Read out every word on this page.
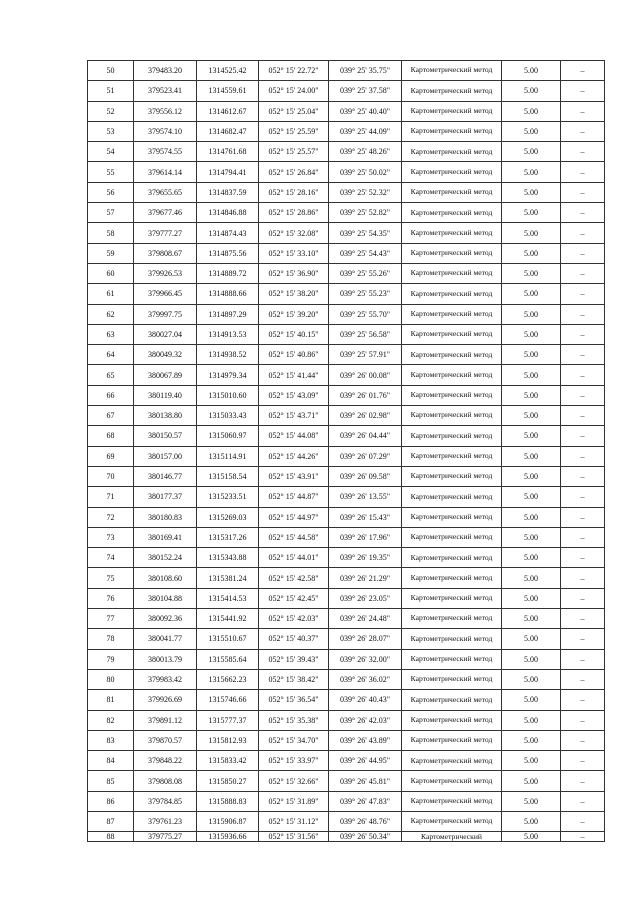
50	379483.20	1314525.42	052° 15' 22.72"	039° 25' 35.75"	Картометрический метод	5.00	–
51	379523.41	1314559.61	052° 15' 24.00"	039° 25' 37.58"	Картометрический метод	5.00	–
52	379556.12	1314612.67	052° 15' 25.04"	039° 25' 40.40"	Картометрический метод	5.00	–
53	379574.10	1314682.47	052° 15' 25.59"	039° 25' 44.09"	Картометрический метод	5.00	–
54	379574.55	1314761.68	052° 15' 25.57"	039° 25' 48.26"	Картометрический метод	5.00	–
55	379614.14	1314794.41	052° 15' 26.84"	039° 25' 50.02"	Картометрический метод	5.00	–
56	379655.65	1314837.59	052° 15' 28.16"	039° 25' 52.32"	Картометрический метод	5.00	–
57	379677.46	1314846.88	052° 15' 28.86"	039° 25' 52.82"	Картометрический метод	5.00	–
58	379777.27	1314874.43	052° 15' 32.08"	039° 25' 54.35"	Картометрический метод	5.00	–
59	379808.67	1314875.56	052° 15' 33.10"	039° 25' 54.43"	Картометрический метод	5.00	–
60	379926.53	1314889.72	052° 15' 36.90"	039° 25' 55.26"	Картометрический метод	5.00	–
61	379966.45	1314888.66	052° 15' 38.20"	039° 25' 55.23"	Картометрический метод	5.00	–
62	379997.75	1314897.29	052° 15' 39.20"	039° 25' 55.70"	Картометрический метод	5.00	–
63	380027.04	1314913.53	052° 15' 40.15"	039° 25' 56.58"	Картометрический метод	5.00	–
64	380049.32	1314938.52	052° 15' 40.86"	039° 25' 57.91"	Картометрический метод	5.00	–
65	380067.89	1314979.34	052° 15' 41.44"	039° 26' 00.08"	Картометрический метод	5.00	–
66	380119.40	1315010.60	052° 15' 43.09"	039° 26' 01.76"	Картометрический метод	5.00	–
67	380138.80	1315033.43	052° 15' 43.71"	039° 26' 02.98"	Картометрический метод	5.00	–
68	380150.57	1315060.97	052° 15' 44.08"	039° 26' 04.44"	Картометрический метод	5.00	–
69	380157.00	1315114.91	052° 15' 44.26"	039° 26' 07.29"	Картометрический метод	5.00	–
70	380146.77	1315158.54	052° 15' 43.91"	039° 26' 09.58"	Картометрический метод	5.00	–
71	380177.37	1315233.51	052° 15' 44.87"	039° 26' 13.55"	Картометрический метод	5.00	–
72	380180.83	1315269.03	052° 15' 44.97"	039° 26' 15.43"	Картометрический метод	5.00	–
73	380169.41	1315317.26	052° 15' 44.58"	039° 26' 17.96"	Картометрический метод	5.00	–
74	380152.24	1315343.88	052° 15' 44.01"	039° 26' 19.35"	Картометрический метод	5.00	–
75	380108.60	1315381.24	052° 15' 42.58"	039° 26' 21.29"	Картометрический метод	5.00	–
76	380104.88	1315414.53	052° 15' 42.45"	039° 26' 23.05"	Картометрический метод	5.00	–
77	380092.36	1315441.92	052° 15' 42.03"	039° 26' 24.48"	Картометрический метод	5.00	–
78	380041.77	1315510.67	052° 15' 40.37"	039° 26' 28.07"	Картометрический метод	5.00	–
79	380013.79	1315585.64	052° 15' 39.43"	039° 26' 32.00"	Картометрический метод	5.00	–
80	379983.42	1315662.23	052° 15' 38.42"	039° 26' 36.02"	Картометрический метод	5.00	–
81	379926.69	1315746.66	052° 15' 36.54"	039° 26' 40.43"	Картометрический метод	5.00	–
82	379891.12	1315777.37	052° 15' 35.38"	039° 26' 42.03"	Картометрический метод	5.00	–
83	379870.57	1315812.93	052° 15' 34.70"	039° 26' 43.89"	Картометрический метод	5.00	–
84	379848.22	1315833.42	052° 15' 33.97"	039° 26' 44.95"	Картометрический метод	5.00	–
85	379808.08	1315850.27	052° 15' 32.66"	039° 26' 45.81"	Картометрический метод	5.00	–
86	379784.85	1315888.83	052° 15' 31.89"	039° 26' 47.83"	Картометрический метод	5.00	–
87	379761.23	1315906.87	052° 15' 31.12"	039° 26' 48.76"	Картометрический метод	5.00	–
88	379775.27	1315936.66	052° 15' 31.56"	039° 26' 50.34"	Картометрический	5.00	–
